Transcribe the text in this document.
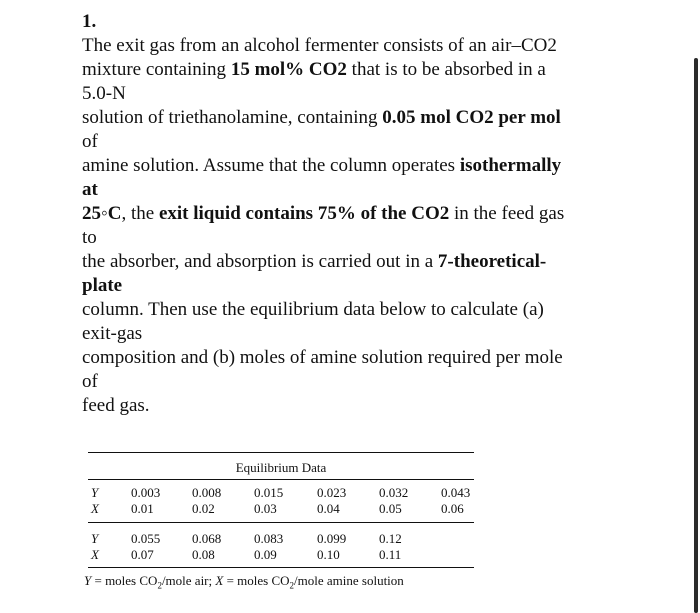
1.
The exit gas from an alcohol fermenter consists of an air–CO2
mixture containing 15 mol% CO2 that is to be absorbed in a
5.0-N
solution of triethanolamine, containing 0.05 mol CO2 per mol
of
amine solution. Assume that the column operates isothermally
at
25◦C, the exit liquid contains 75% of the CO2 in the feed gas
to
the absorber, and absorption is carried out in a 7-theoretical-
plate
column. Then use the equilibrium data below to calculate (a)
exit-gas
composition and (b) moles of amine solution required per mole
of
feed gas.
Equilibrium Data
Y	0.003 0.008	0.015	0.023	0.032	0.043
X 0.01	0.02	0.03	0.04	0.05	0.06
Y	0.055 0.068	0.083	0.099	0.12
X 0.07	0.08	0.09	0.10	0.11
Y = moles $CO_2$/mole air; X = moles $CO_2$/mole amine solution
